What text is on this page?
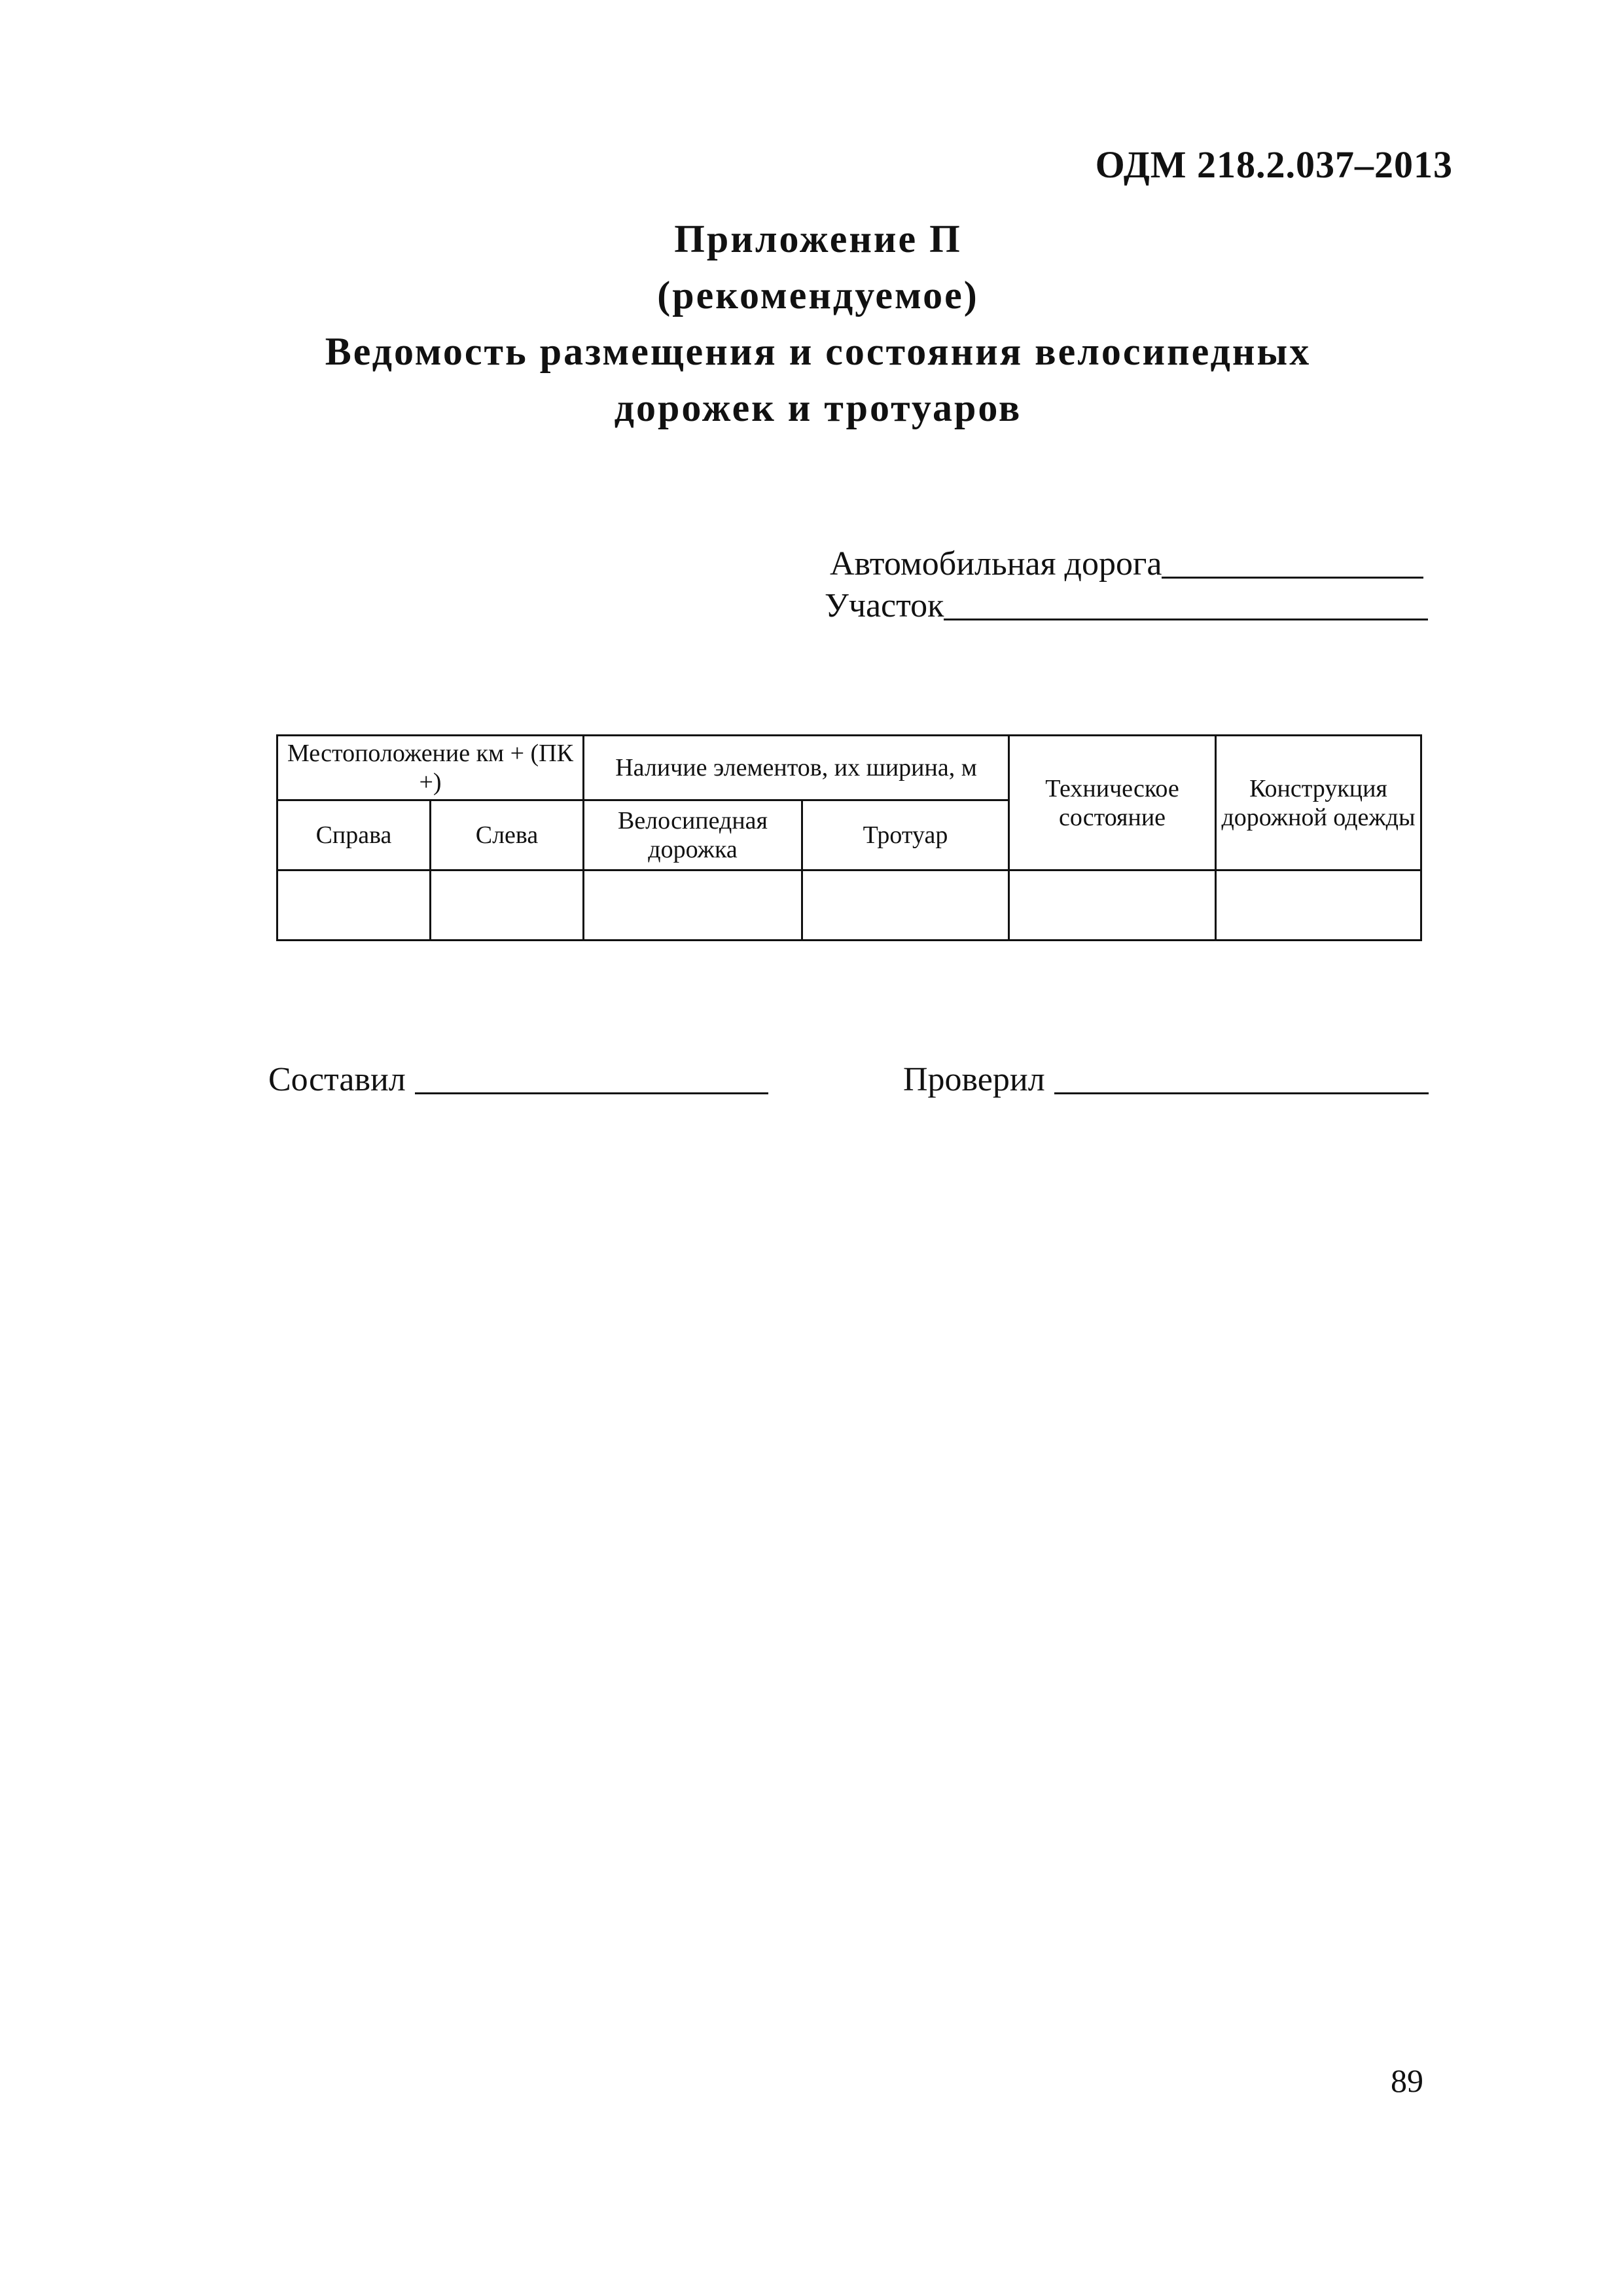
ОДМ 218.2.037–2013
Приложение П
(рекомендуемое)
Ведомость размещения и состояния велосипедных
дорожек и тротуаров
Автомобильная дорога
Участок
Местоположение км + (ПК +)		Наличие элементов, их ширина, м		Техническое состояние	Конструкция дорожной одежды
Справа	Слева	Велосипедная дорожка	Тротуар		

Составил	Проверил
89
